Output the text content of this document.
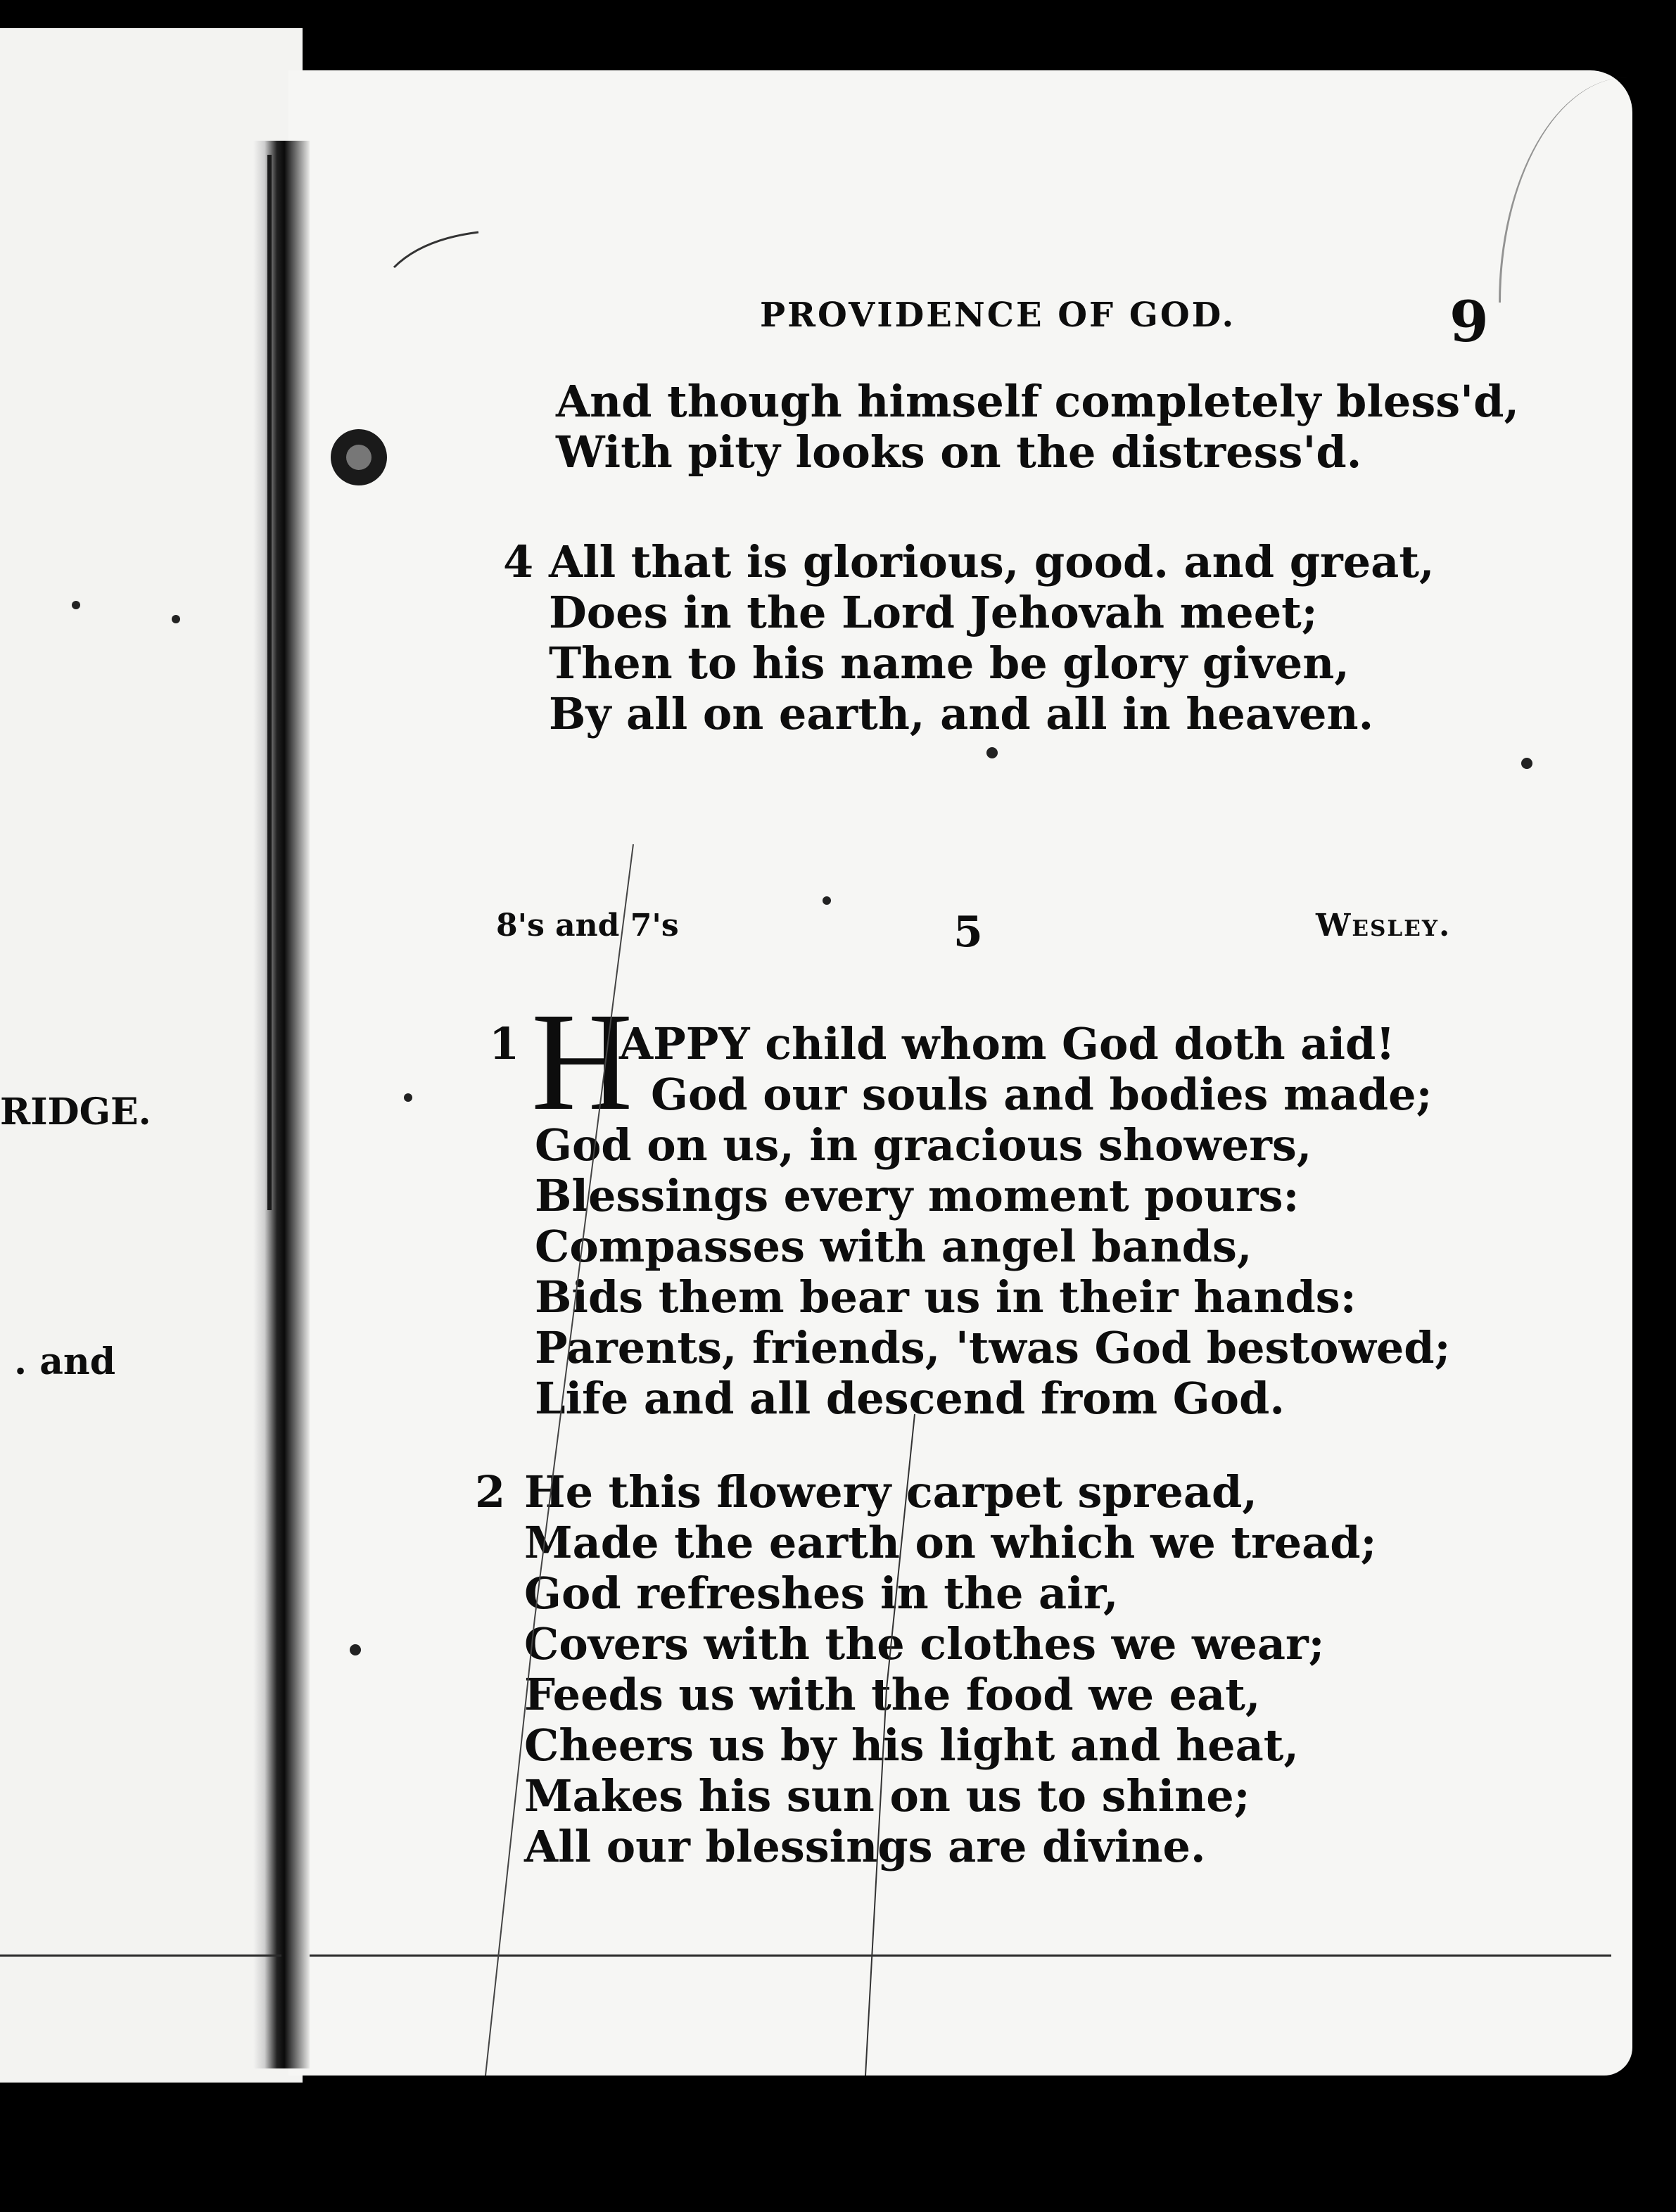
RIDGE.
. and
PROVIDENCE OF GOD.	9
And though himself completely bless'd,
With pity looks on the distress'd.
4 All that is glorious, good. and great,
Does in the Lord Jehovah meet;
Then to his name be glory given,
By all on earth, and all in heaven.
8's and 7's	5	Wesley.
1 H
APPY child whom God doth aid!
God our souls and bodies made;
God on us, in gracious showers,
Blessings every moment pours:
Compasses with angel bands,
Bids them bear us in their hands:
Parents, friends, 'twas God bestowed;
Life and all descend from God.
2 He this flowery carpet spread,
Made the earth on which we tread;
God refreshes in the air,
Covers with the clothes we wear;
Feeds us with the food we eat,
Cheers us by his light and heat,
Makes his sun on us to shine;
All our blessings are divine.
